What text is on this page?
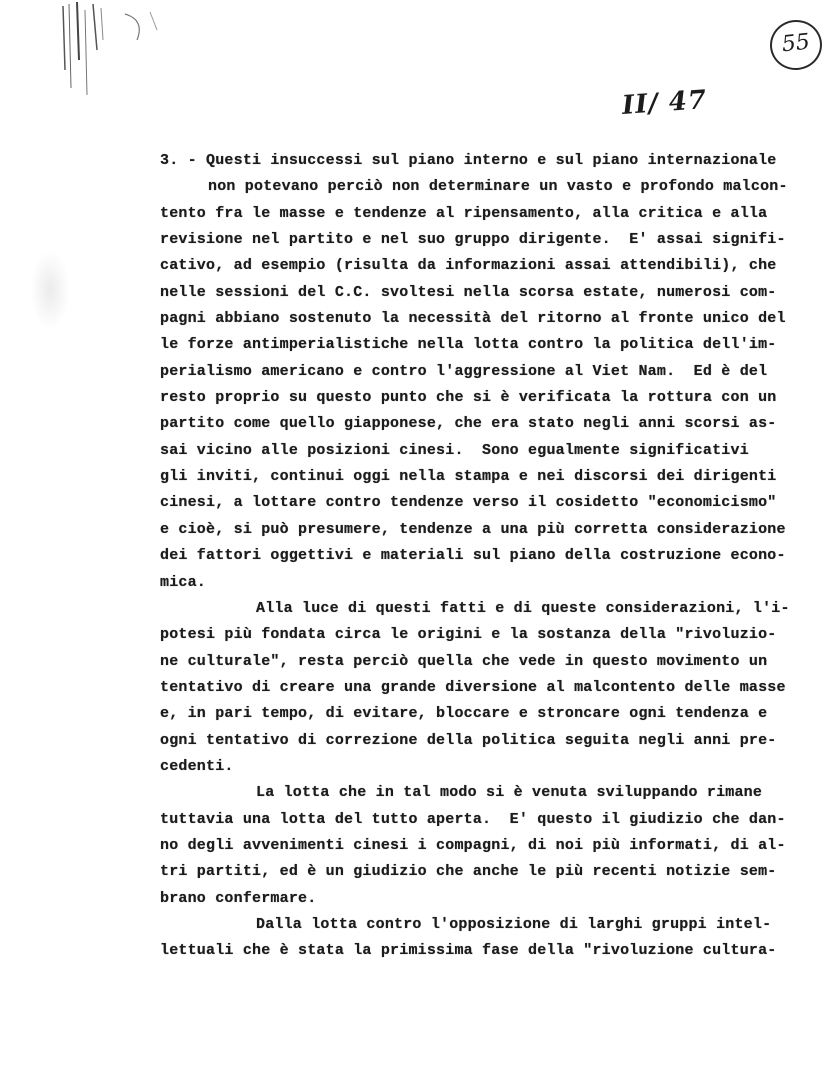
55
II/ 47
3. - Questi insuccessi sul piano interno e sul piano internazionale
non potevano perciò non determinare un vasto e profondo malcon-
tento fra le masse e tendenze al ripensamento, alla critica e alla
revisione nel partito e nel suo gruppo dirigente.  E' assai signifi-
cativo, ad esempio (risulta da informazioni assai attendibili), che
nelle sessioni del C.C. svoltesi nella scorsa estate, numerosi com-
pagni abbiano sostenuto la necessità del ritorno al fronte unico del
le forze antimperialistiche nella lotta contro la politica dell'im-
perialismo americano e contro l'aggressione al Viet Nam.  Ed è del
resto proprio su questo punto che si è verificata la rottura con un
partito come quello giapponese, che era stato negli anni scorsi as-
sai vicino alle posizioni cinesi.  Sono egualmente significativi
gli inviti, continui oggi nella stampa e nei discorsi dei dirigenti
cinesi, a lottare contro tendenze verso il cosidetto "economicismo"
e cioè, si può presumere, tendenze a una più corretta considerazione
dei fattori oggettivi e materiali sul piano della costruzione econo-
mica.
Alla luce di questi fatti e di queste considerazioni, l'i-
potesi più fondata circa le origini e la sostanza della "rivoluzio-
ne culturale", resta perciò quella che vede in questo movimento un
tentativo di creare una grande diversione al malcontento delle masse
e, in pari tempo, di evitare, bloccare e stroncare ogni tendenza e
ogni tentativo di correzione della politica seguita negli anni pre-
cedenti.
La lotta che in tal modo si è venuta sviluppando rimane
tuttavia una lotta del tutto aperta.  E' questo il giudizio che dan-
no degli avvenimenti cinesi i compagni, di noi più informati, di al-
tri partiti, ed è un giudizio che anche le più recenti notizie sem-
brano confermare.
Dalla lotta contro l'opposizione di larghi gruppi intel-
lettuali che è stata la primissima fase della "rivoluzione cultura-
